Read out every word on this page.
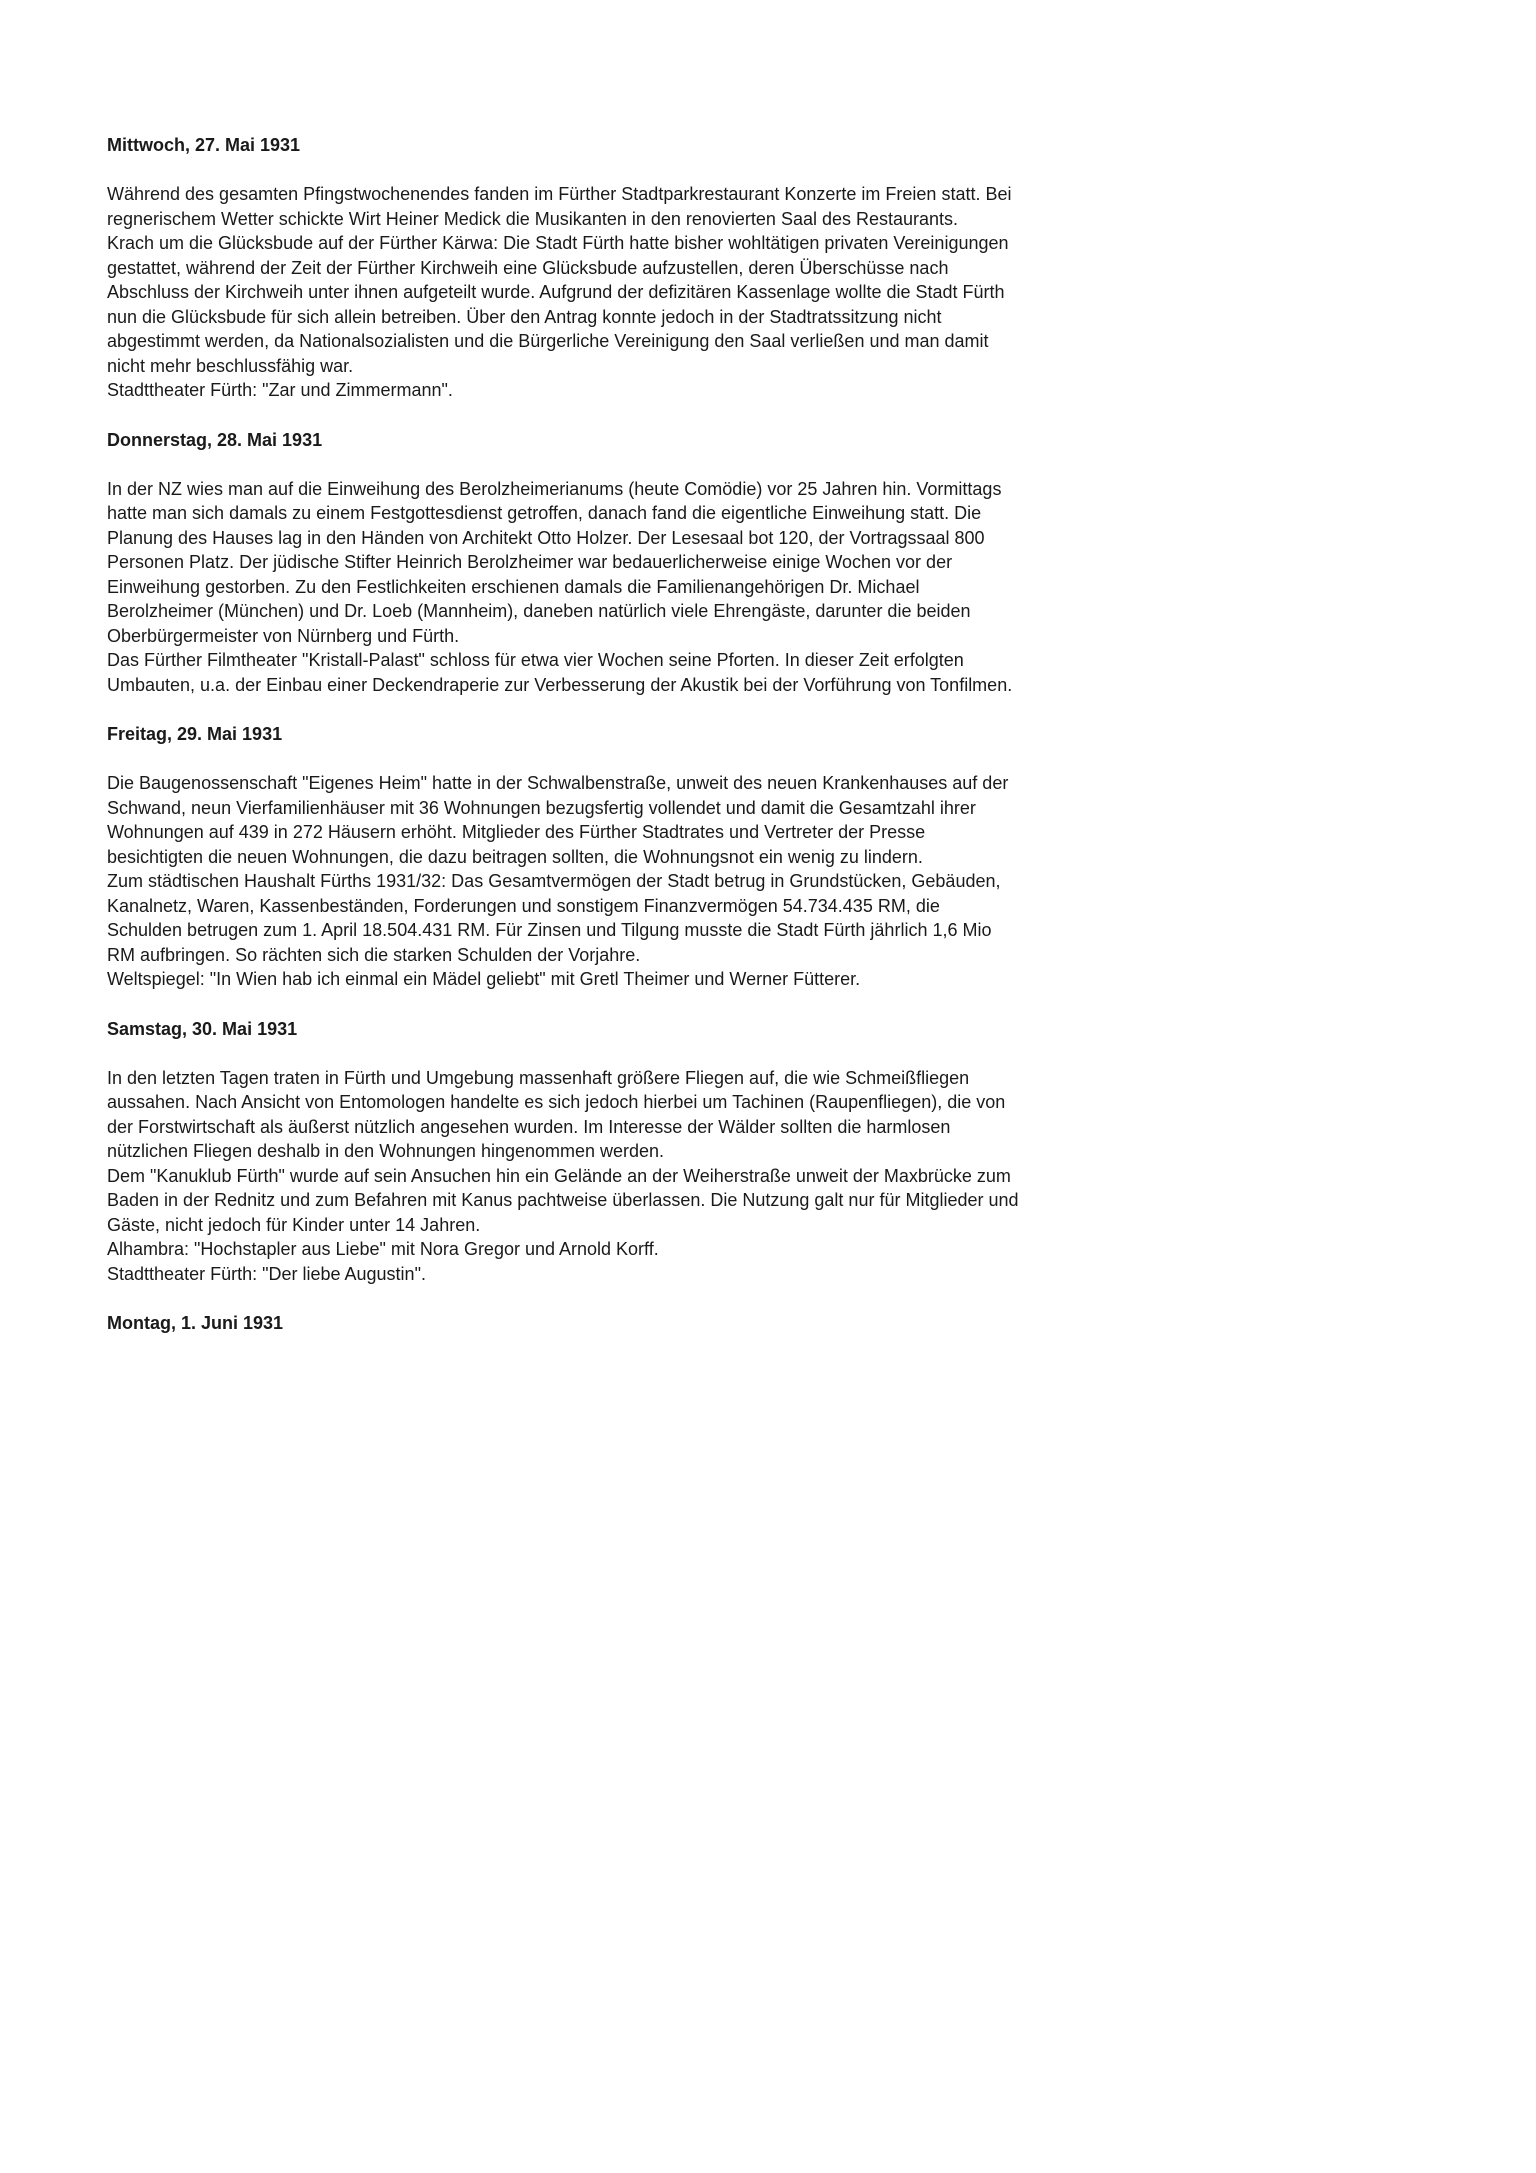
Mittwoch, 27. Mai 1931

Während des gesamten Pfingstwochenendes fanden im Fürther Stadtparkrestaurant Konzerte im Freien statt. Bei regnerischem Wetter schickte Wirt Heiner Medick die Musikanten in den renovierten Saal des Restaurants.

Krach um die Glücksbude auf der Fürther Kärwa: Die Stadt Fürth hatte bisher wohltätigen privaten Vereinigungen gestattet, während der Zeit der Fürther Kirchweih eine Glücksbude aufzustellen, deren Überschüsse nach Abschluss der Kirchweih unter ihnen aufgeteilt wurde. Aufgrund der defizitären Kassenlage wollte die Stadt Fürth nun die Glücksbude für sich allein betreiben. Über den Antrag konnte jedoch in der Stadtratssitzung nicht abgestimmt werden, da Nationalsozialisten und die Bürgerliche Vereinigung den Saal verließen und man damit nicht mehr beschlussfähig war.

Stadttheater Fürth: "Zar und Zimmermann".

Donnerstag, 28. Mai 1931

In der NZ wies man auf die Einweihung des Berolzheimerianums (heute Comödie) vor 25 Jahren hin. Vormittags hatte man sich damals zu einem Festgottesdienst getroffen, danach fand die eigentliche Einweihung statt. Die Planung des Hauses lag in den Händen von Architekt Otto Holzer. Der Lesesaal bot 120, der Vortragssaal 800 Personen Platz. Der jüdische Stifter Heinrich Berolzheimer war bedauerlicherweise einige Wochen vor der Einweihung gestorben. Zu den Festlichkeiten erschienen damals die Familienangehörigen Dr. Michael Berolzheimer (München) und Dr. Loeb (Mannheim), daneben natürlich viele Ehrengäste, darunter die beiden Oberbürgermeister von Nürnberg und Fürth.

Das Fürther Filmtheater "Kristall-Palast" schloss für etwa vier Wochen seine Pforten. In dieser Zeit erfolgten Umbauten, u.a. der Einbau einer Deckendraperie zur Verbesserung der Akustik bei der Vorführung von Tonfilmen.

Freitag, 29. Mai 1931

Die Baugenossenschaft "Eigenes Heim" hatte in der Schwalbenstraße, unweit des neuen Krankenhauses auf der Schwand, neun Vierfamilienhäuser mit 36 Wohnungen bezugsfertig vollendet und damit die Gesamtzahl ihrer Wohnungen auf 439 in 272 Häusern erhöht. Mitglieder des Fürther Stadtrates und Vertreter der Presse besichtigten die neuen Wohnungen, die dazu beitragen sollten, die Wohnungsnot ein wenig zu lindern.

Zum städtischen Haushalt Fürths 1931/32: Das Gesamtvermögen der Stadt betrug in Grundstücken, Gebäuden, Kanalnetz, Waren, Kassenbeständen, Forderungen und sonstigem Finanzvermögen 54.734.435 RM, die Schulden betrugen zum 1. April 18.504.431 RM. Für Zinsen und Tilgung musste die Stadt Fürth jährlich 1,6 Mio RM aufbringen. So rächten sich die starken Schulden der Vorjahre.

Weltspiegel: "In Wien hab ich einmal ein Mädel geliebt" mit Gretl Theimer und Werner Fütterer.

Samstag, 30. Mai 1931

In den letzten Tagen traten in Fürth und Umgebung massenhaft größere Fliegen auf, die wie Schmeißfliegen aussahen. Nach Ansicht von Entomologen handelte es sich jedoch hierbei um Tachinen (Raupenfliegen), die von der Forstwirtschaft als äußerst nützlich angesehen wurden. Im Interesse der Wälder sollten die harmlosen nützlichen Fliegen deshalb in den Wohnungen hingenommen werden.

Dem "Kanuklub Fürth" wurde auf sein Ansuchen hin ein Gelände an der Weiherstraße unweit der Maxbrücke zum Baden in der Rednitz und zum Befahren mit Kanus pachtweise überlassen. Die Nutzung galt nur für Mitglieder und Gäste, nicht jedoch für Kinder unter 14 Jahren.

Alhambra: "Hochstapler aus Liebe" mit Nora Gregor und Arnold Korff.

Stadttheater Fürth: "Der liebe Augustin".

Montag, 1. Juni 1931
